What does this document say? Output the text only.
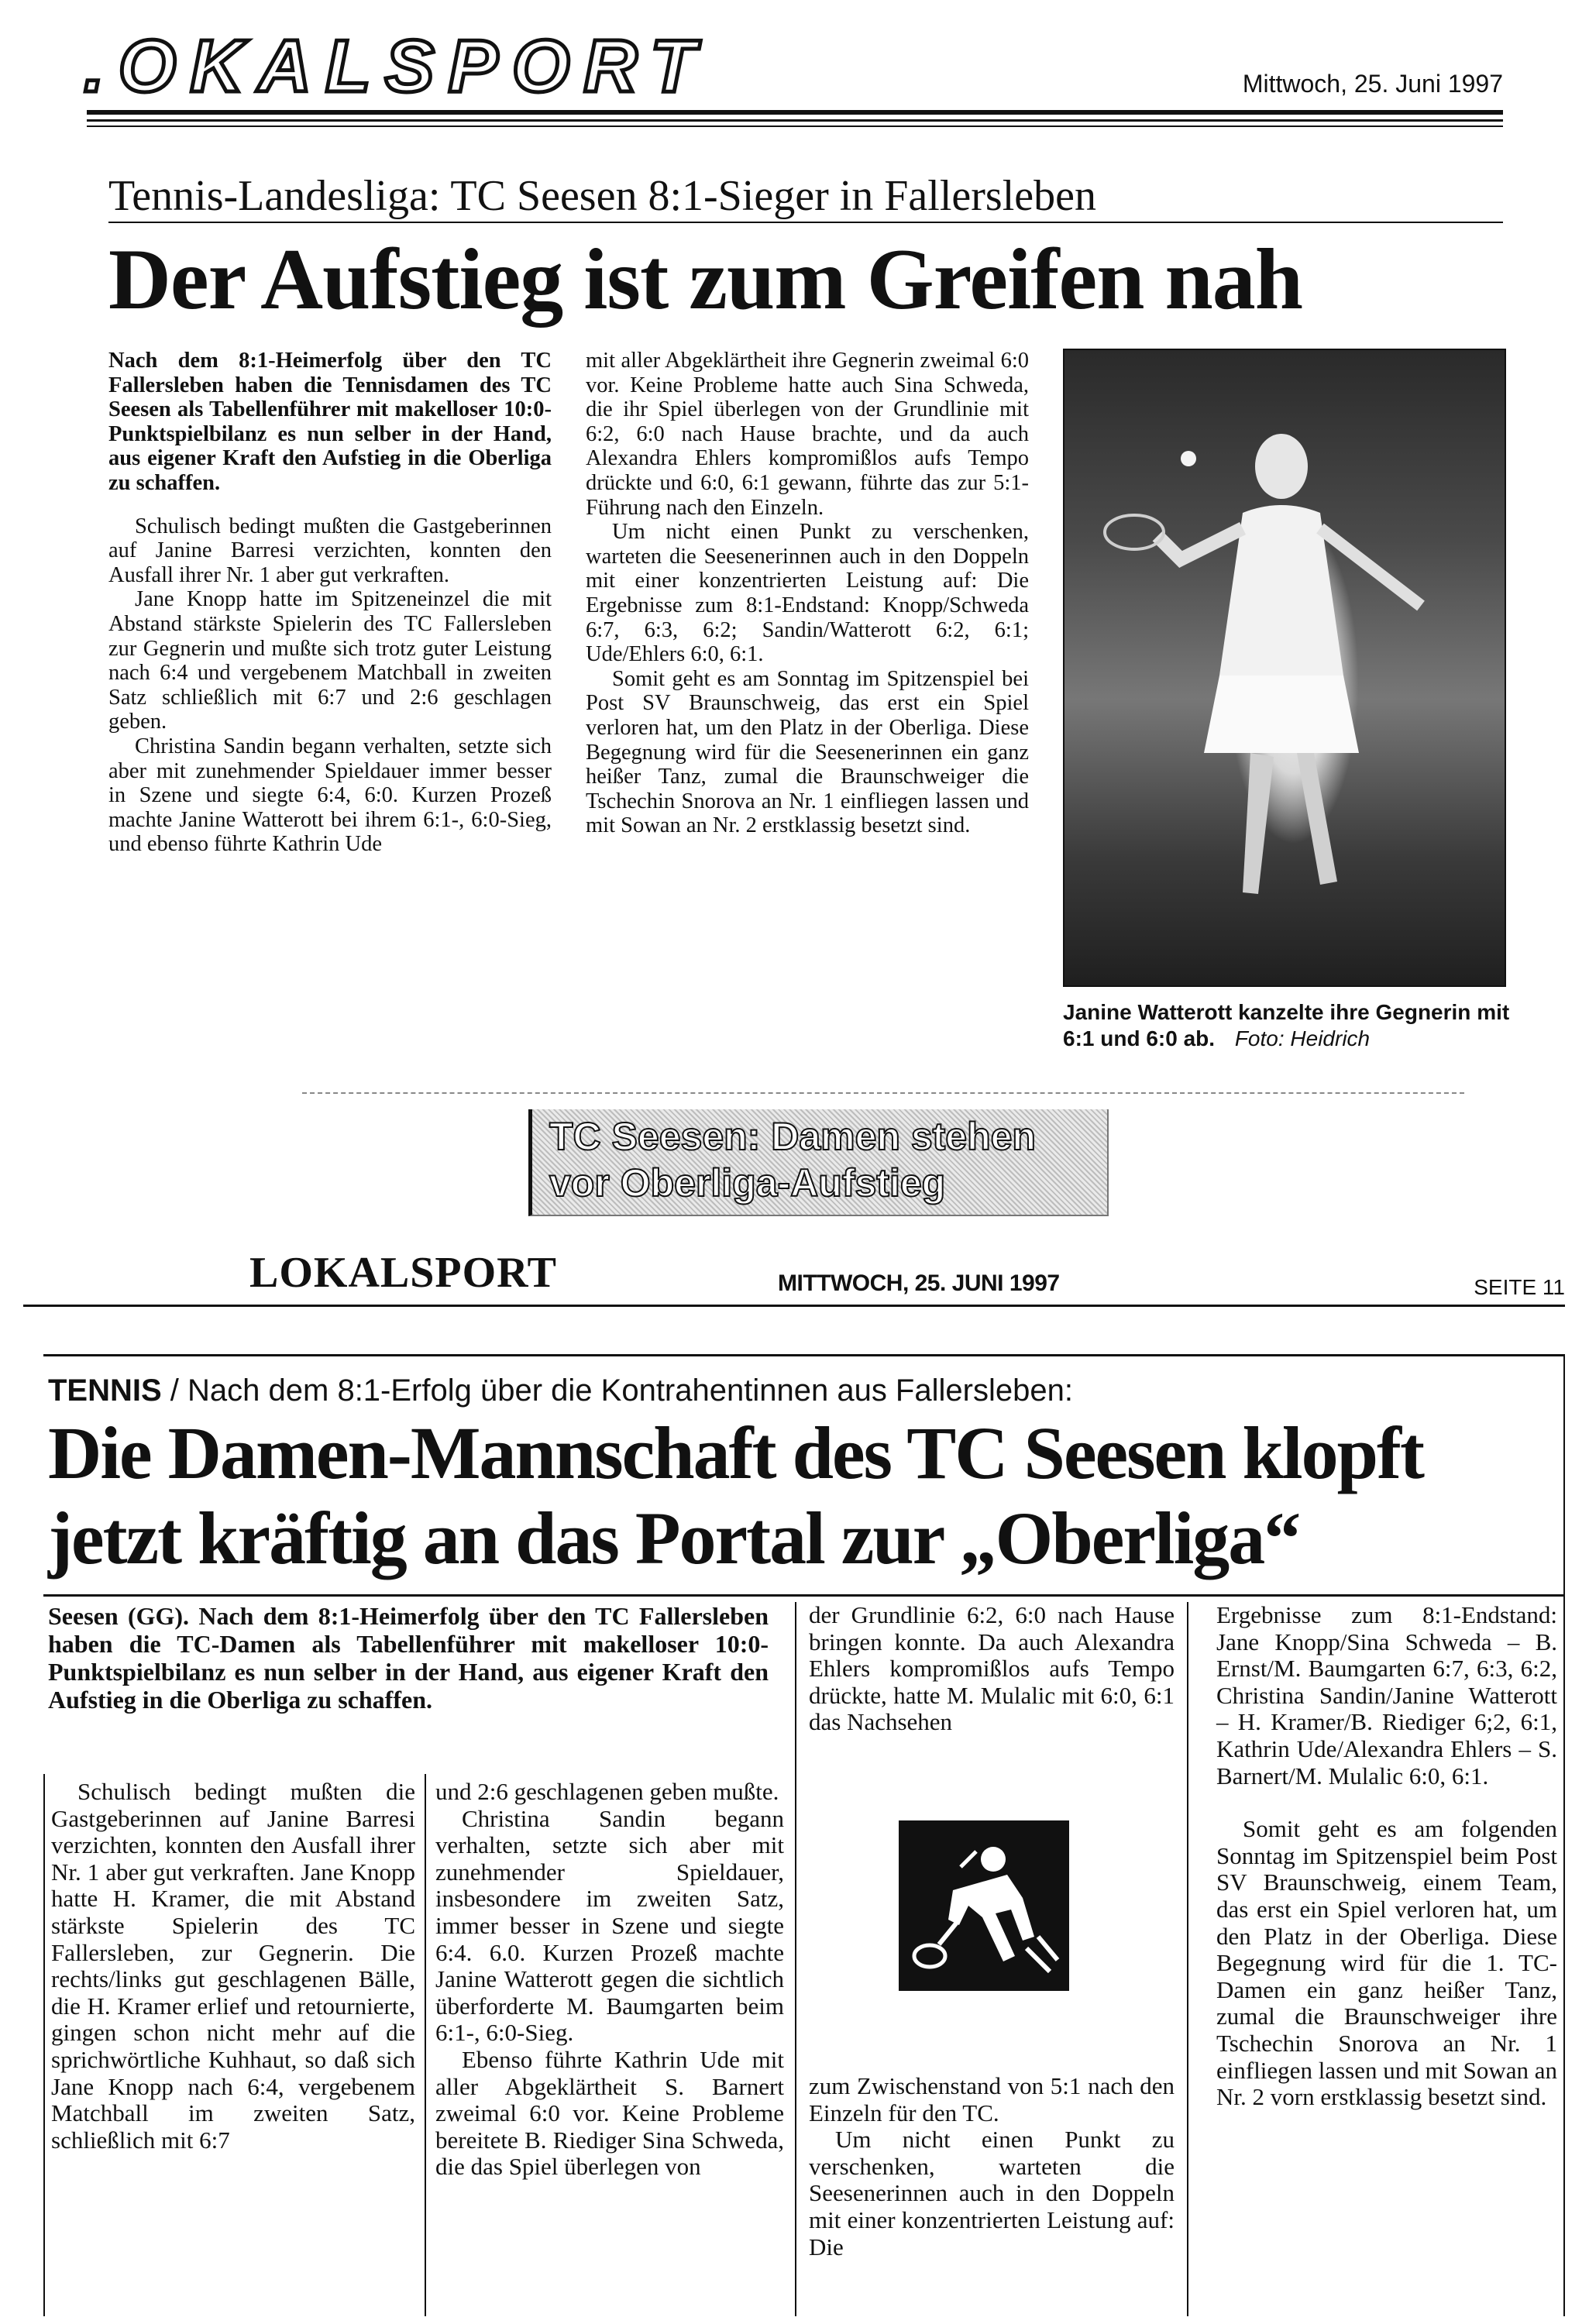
.OKALSPORT	Mittwoch, 25. Juni 1997
Tennis-Landesliga: TC Seesen 8:1-Sieger in Fallersleben
Der Aufstieg ist zum Greifen nah

Nach dem 8:1-Heimerfolg über den TC Fallersleben haben die Tennisdamen des TC Seesen als Tabellenführer mit makelloser 10:0-Punktspielbilanz es nun selber in der Hand, aus eigener Kraft den Aufstieg in die Oberliga zu schaffen.

Schulisch bedingt mußten die Gastgeberinnen auf Janine Barresi verzichten, konnten den Ausfall ihrer Nr. 1 aber gut verkraften.

Jane Knopp hatte im Spitzeneinzel die mit Abstand stärkste Spielerin des TC Fallersleben zur Gegnerin und mußte sich trotz guter Leistung nach 6:4 und vergebenem Matchball in zweiten Satz schließlich mit 6:7 und 2:6 geschlagen geben.

Christina Sandin begann verhalten, setzte sich aber mit zunehmender Spieldauer immer besser in Szene und siegte 6:4, 6:0. Kurzen Prozeß machte Janine Watterott bei ihrem 6:1-, 6:0-Sieg, und ebenso führte Kathrin Ude

mit aller Abgeklärtheit ihre Gegnerin zweimal 6:0 vor. Keine Probleme hatte auch Sina Schweda, die ihr Spiel überlegen von der Grundlinie mit 6:2, 6:0 nach Hause brachte, und da auch Alexandra Ehlers kompromißlos aufs Tempo drückte und 6:0, 6:1 gewann, führte das zur 5:1-Führung nach den Einzeln.

Um nicht einen Punkt zu verschenken, warteten die Seesenerinnen auch in den Doppeln mit einer konzentrierten Leistung auf: Die Ergebnisse zum 8:1-Endstand: Knopp/Schweda 6:7, 6:3, 6:2; Sandin/Watterott 6:2, 6:1; Ude/Ehlers 6:0, 6:1.

Somit geht es am Sonntag im Spitzenspiel bei Post SV Braunschweig, das erst ein Spiel verloren hat, um den Platz in der Oberliga. Diese Begegnung wird für die Seesenerinnen ein ganz heißer Tanz, zumal die Braunschweiger die Tschechin Snorova an Nr. 1 einfliegen lassen und mit Sowan an Nr. 2 erstklassig besetzt sind.

Janine Watterott kanzelte ihre Gegnerin mit 6:1 und 6:0 ab. Foto: Heidrich
TC Seesen: Damen stehen
vor Oberliga-Aufstieg
LOKALSPORT	MITTWOCH, 25. JUNI 1997	SEITE 11
TENNIS / Nach dem 8:1-Erfolg über die Kontrahentinnen aus Fallersleben:
Die Damen-Mannschaft des TC Seesen klopft
jetzt kräftig an das Portal zur „Oberliga“

Seesen (GG). Nach dem 8:1-Heimerfolg über den TC Fallersleben haben die TC-Damen als Tabellenführer mit makelloser 10:0-Punktspielbilanz es nun selber in der Hand, aus eigener Kraft den Aufstieg in die Oberliga zu schaffen.

Schulisch bedingt mußten die Gastgeberinnen auf Janine Barresi verzichten, konnten den Ausfall ihrer Nr. 1 aber gut verkraften. Jane Knopp hatte H. Kramer, die mit Abstand stärkste Spielerin des TC Fallersleben, zur Gegnerin. Die rechts/links gut geschlagenen Bälle, die H. Kramer erlief und retournierte, gingen schon nicht mehr auf die sprichwörtliche Kuhhaut, so daß sich Jane Knopp nach 6:4, vergebenem Matchball im zweiten Satz, schließlich mit 6:7

und 2:6 geschlagenen geben mußte.

Christina Sandin begann verhalten, setzte sich aber mit zunehmender Spieldauer, insbesondere im zweiten Satz, immer besser in Szene und siegte 6:4. 6.0. Kurzen Prozeß machte Janine Watterott gegen die sichtlich überforderte M. Baumgarten beim 6:1-, 6:0-Sieg.

Ebenso führte Kathrin Ude mit aller Abgeklärtheit S. Barnert zweimal 6:0 vor. Keine Probleme bereitete B. Riediger Sina Schweda, die das Spiel überlegen von

der Grundlinie 6:2, 6:0 nach Hause bringen konnte. Da auch Alexandra Ehlers kompromißlos aufs Tempo drückte, hatte M. Mulalic mit 6:0, 6:1 das Nachsehen

zum Zwischenstand von 5:1 nach den Einzeln für den TC.

Um nicht einen Punkt zu verschenken, warteten die Seesenerinnen auch in den Doppeln mit einer konzentrierten Leistung auf: Die

Ergebnisse zum 8:1-Endstand: Jane Knopp/Sina Schweda – B. Ernst/M. Baumgarten 6:7, 6:3, 6:2, Christina Sandin/Janine Watterott – H. Kramer/B. Riediger 6;2, 6:1, Kathrin Ude/Alexandra Ehlers – S. Barnert/M. Mulalic 6:0, 6:1.

Somit geht es am folgenden Sonntag im Spitzenspiel beim Post SV Braunschweig, einem Team, das erst ein Spiel verloren hat, um den Platz in der Oberliga. Diese Begegnung wird für die 1. TC-Damen ein ganz heißer Tanz, zumal die Braunschweiger ihre Tschechin Snorova an Nr. 1 einfliegen lassen und mit Sowan an Nr. 2 vorn erstklassig besetzt sind.
